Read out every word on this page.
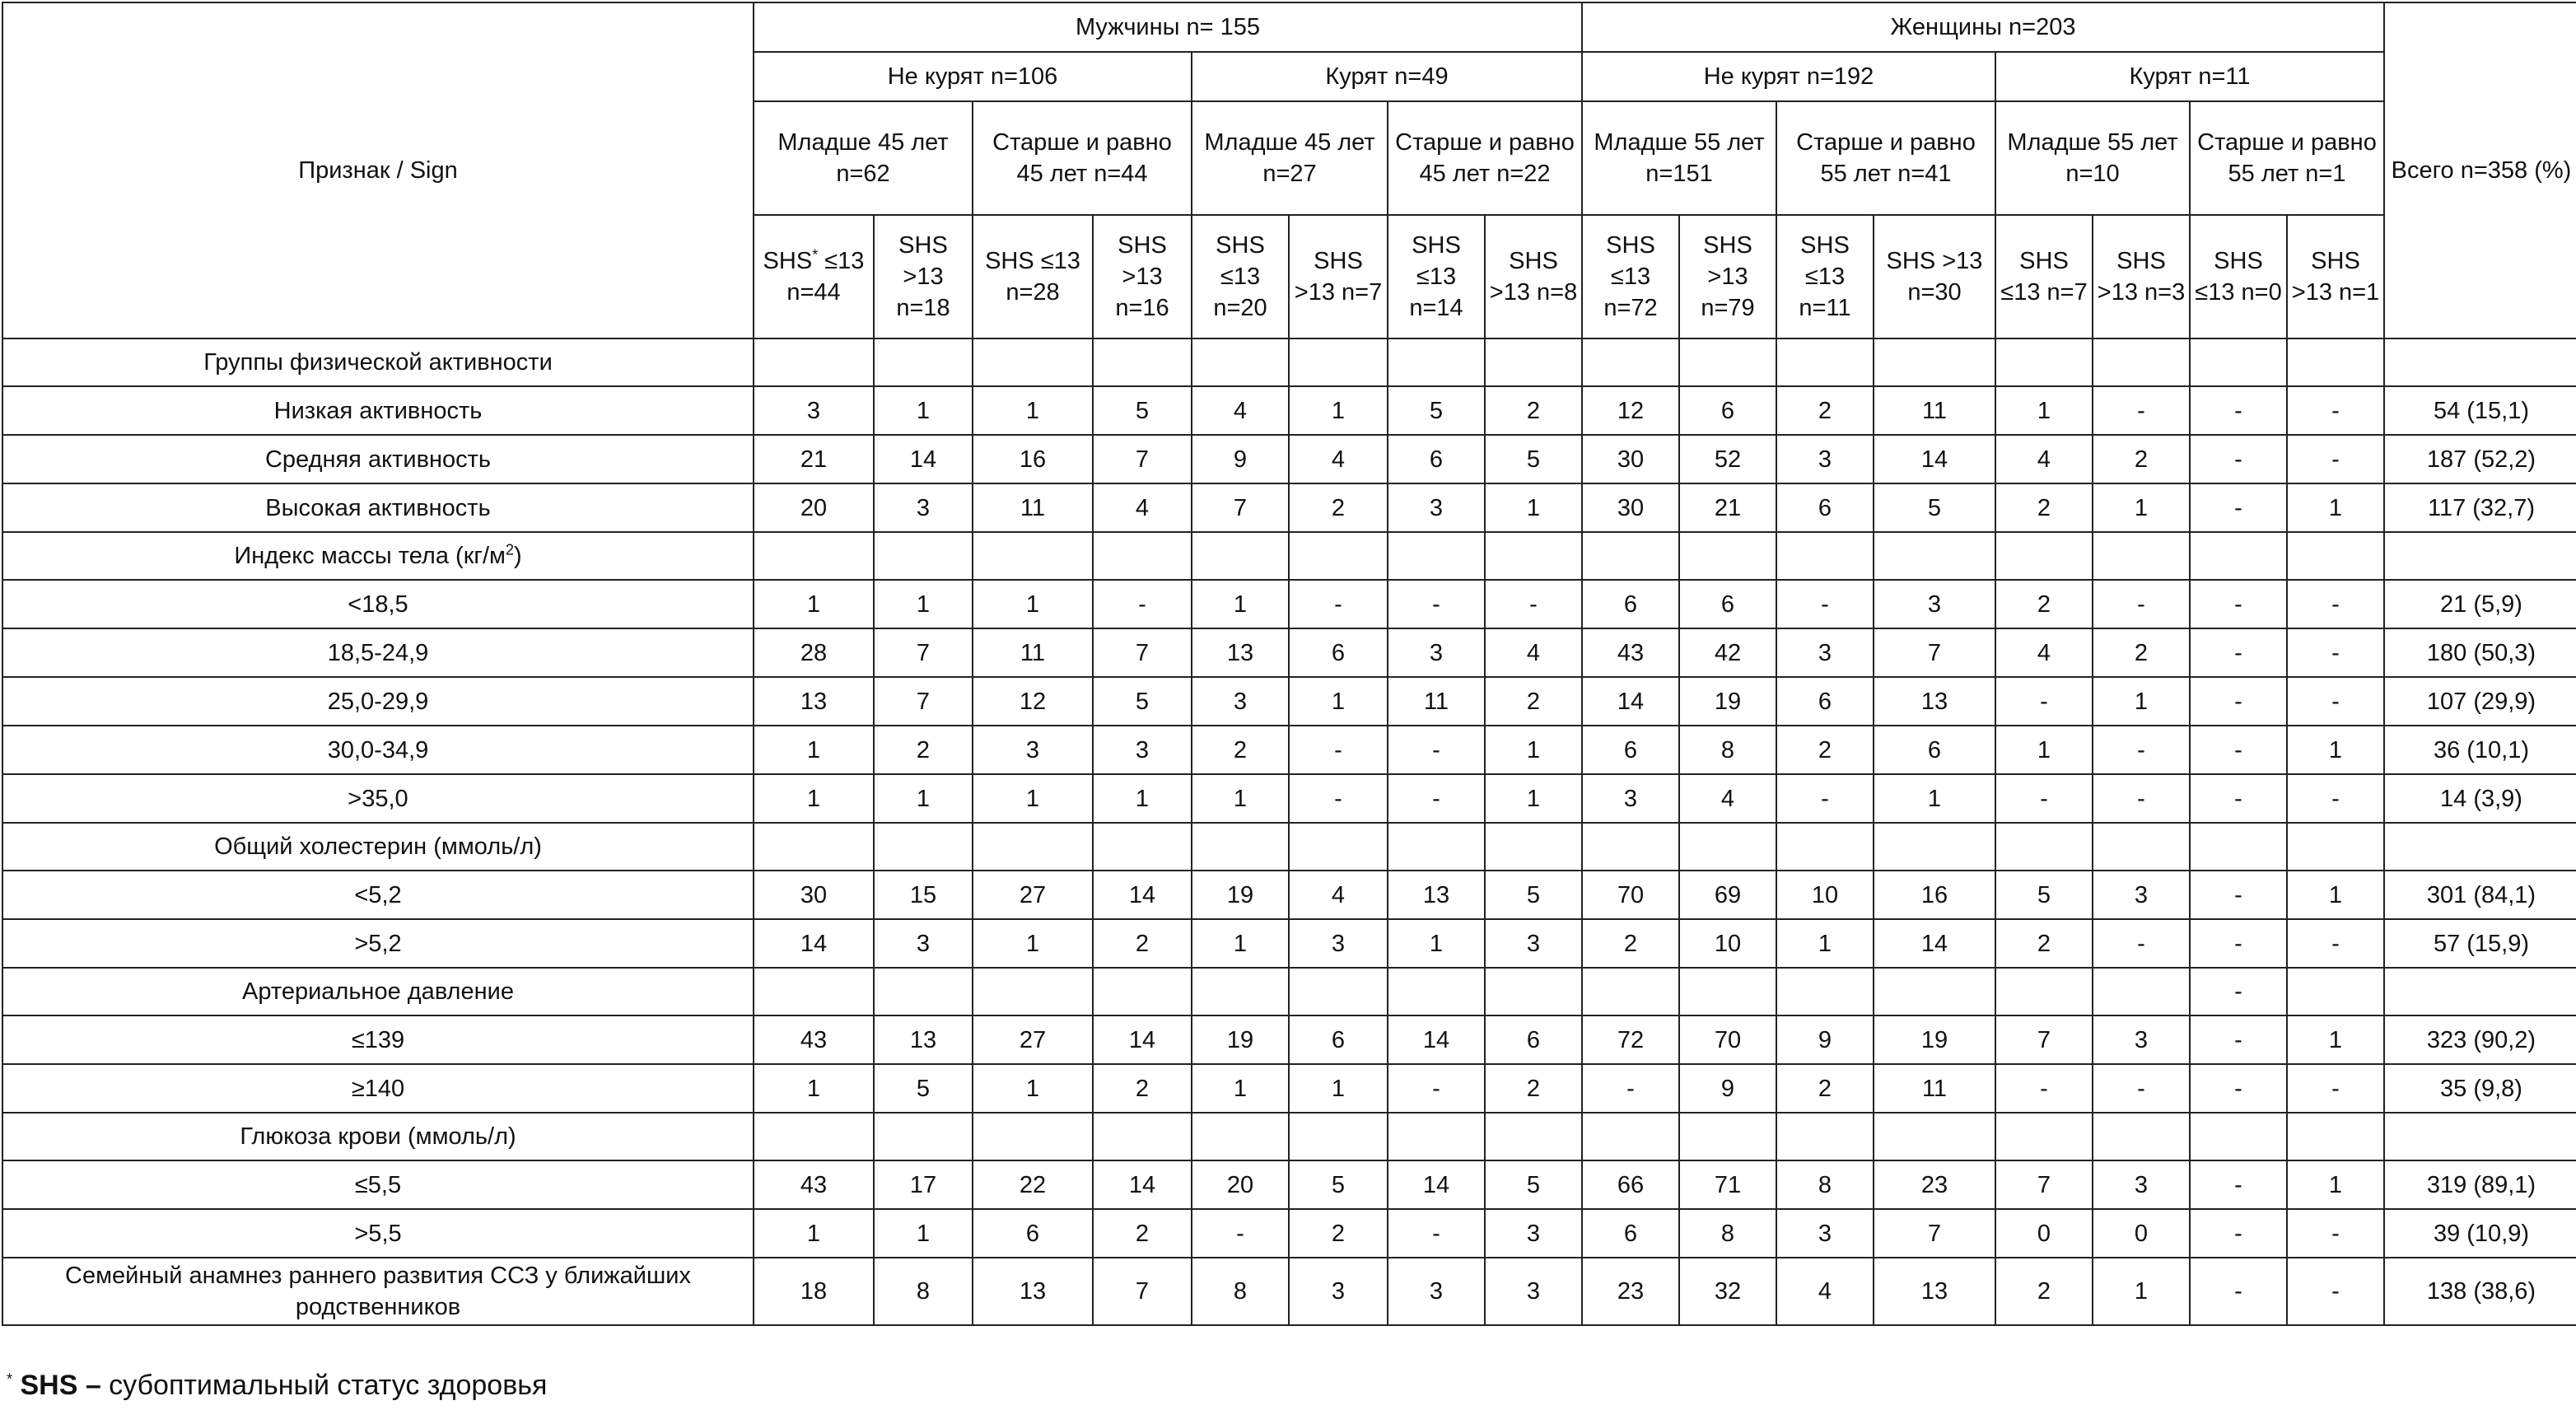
Признак / Sign	Мужчины n= 155								Женщины n=203								Всего n=358 (%)
	Не курят n=106				Курят n=49				Не курят n=192				Курят n=11				
	Младше 45 лет n=62		Старше и равно 45 лет n=44		Младше 45 лет n=27		Старше и равно 45 лет n=22		Младше 55 лет n=151		Старше и равно 55 лет n=41		Младше 55 лет n=10		Старше и равно 55 лет n=1		
	SHS* ≤13 n=44	SHS >13 n=18	SHS ≤13 n=28	SHS >13 n=16	SHS ≤13 n=20	SHS >13 n=7	SHS ≤13 n=14	SHS >13 n=8	SHS ≤13 n=72	SHS >13 n=79	SHS ≤13 n=11	SHS >13 n=30	SHS ≤13 n=7	SHS >13 n=3	SHS ≤13 n=0	SHS >13 n=1	
Группы физической активности																	
Низкая активность	3	1	1	5	4	1	5	2	12	6	2	11	1	-	-	-	54 (15,1)
Средняя активность	21	14	16	7	9	4	6	5	30	52	3	14	4	2	-	-	187 (52,2)
Высокая активность	20	3	11	4	7	2	3	1	30	21	6	5	2	1	-	1	117 (32,7)
Индекс массы тела $(кг/м^2)$																	
<18,5	1	1	1	-	1	-	-	-	6	6	-	3	2	-	-	-	21 (5,9)
18,5-24,9	28	7	11	7	13	6	3	4	43	42	3	7	4	2	-	-	180 (50,3)
25,0-29,9	13	7	12	5	3	1	11	2	14	19	6	13	-	1	-	-	107 (29,9)
30,0-34,9	1	2	3	3	2	-	-	1	6	8	2	6	1	-	-	1	36 (10,1)
>35,0	1	1	1	1	1	-	-	1	3	4	-	1	-	-	-	-	14 (3,9)
Общий холестерин (ммоль/л)																	
<5,2	30	15	27	14	19	4	13	5	70	69	10	16	5	3	-	1	301 (84,1)
>5,2	14	3	1	2	1	3	1	3	2	10	1	14	2	-	-	-	57 (15,9)
Артериальное давление															-		
≤139	43	13	27	14	19	6	14	6	72	70	9	19	7	3	-	1	323 (90,2)
≥140	1	5	1	2	1	1	-	2	-	9	2	11	-	-	-	-	35 (9,8)
Глюкоза крови (ммоль/л)																	
≤5,5	43	17	22	14	20	5	14	5	66	71	8	23	7	3	-	1	319 (89,1)
>5,5	1	1	6	2	-	2	-	3	6	8	3	7	0	0	-	-	39 (10,9)
Семейный анамнез раннего развития ССЗ у ближайших родственников	18	8	13	7	8	3	3	3	23	32	4	13	2	1	-	-	138 (38,6)
* SHS – субоптимальный статус здоровья
